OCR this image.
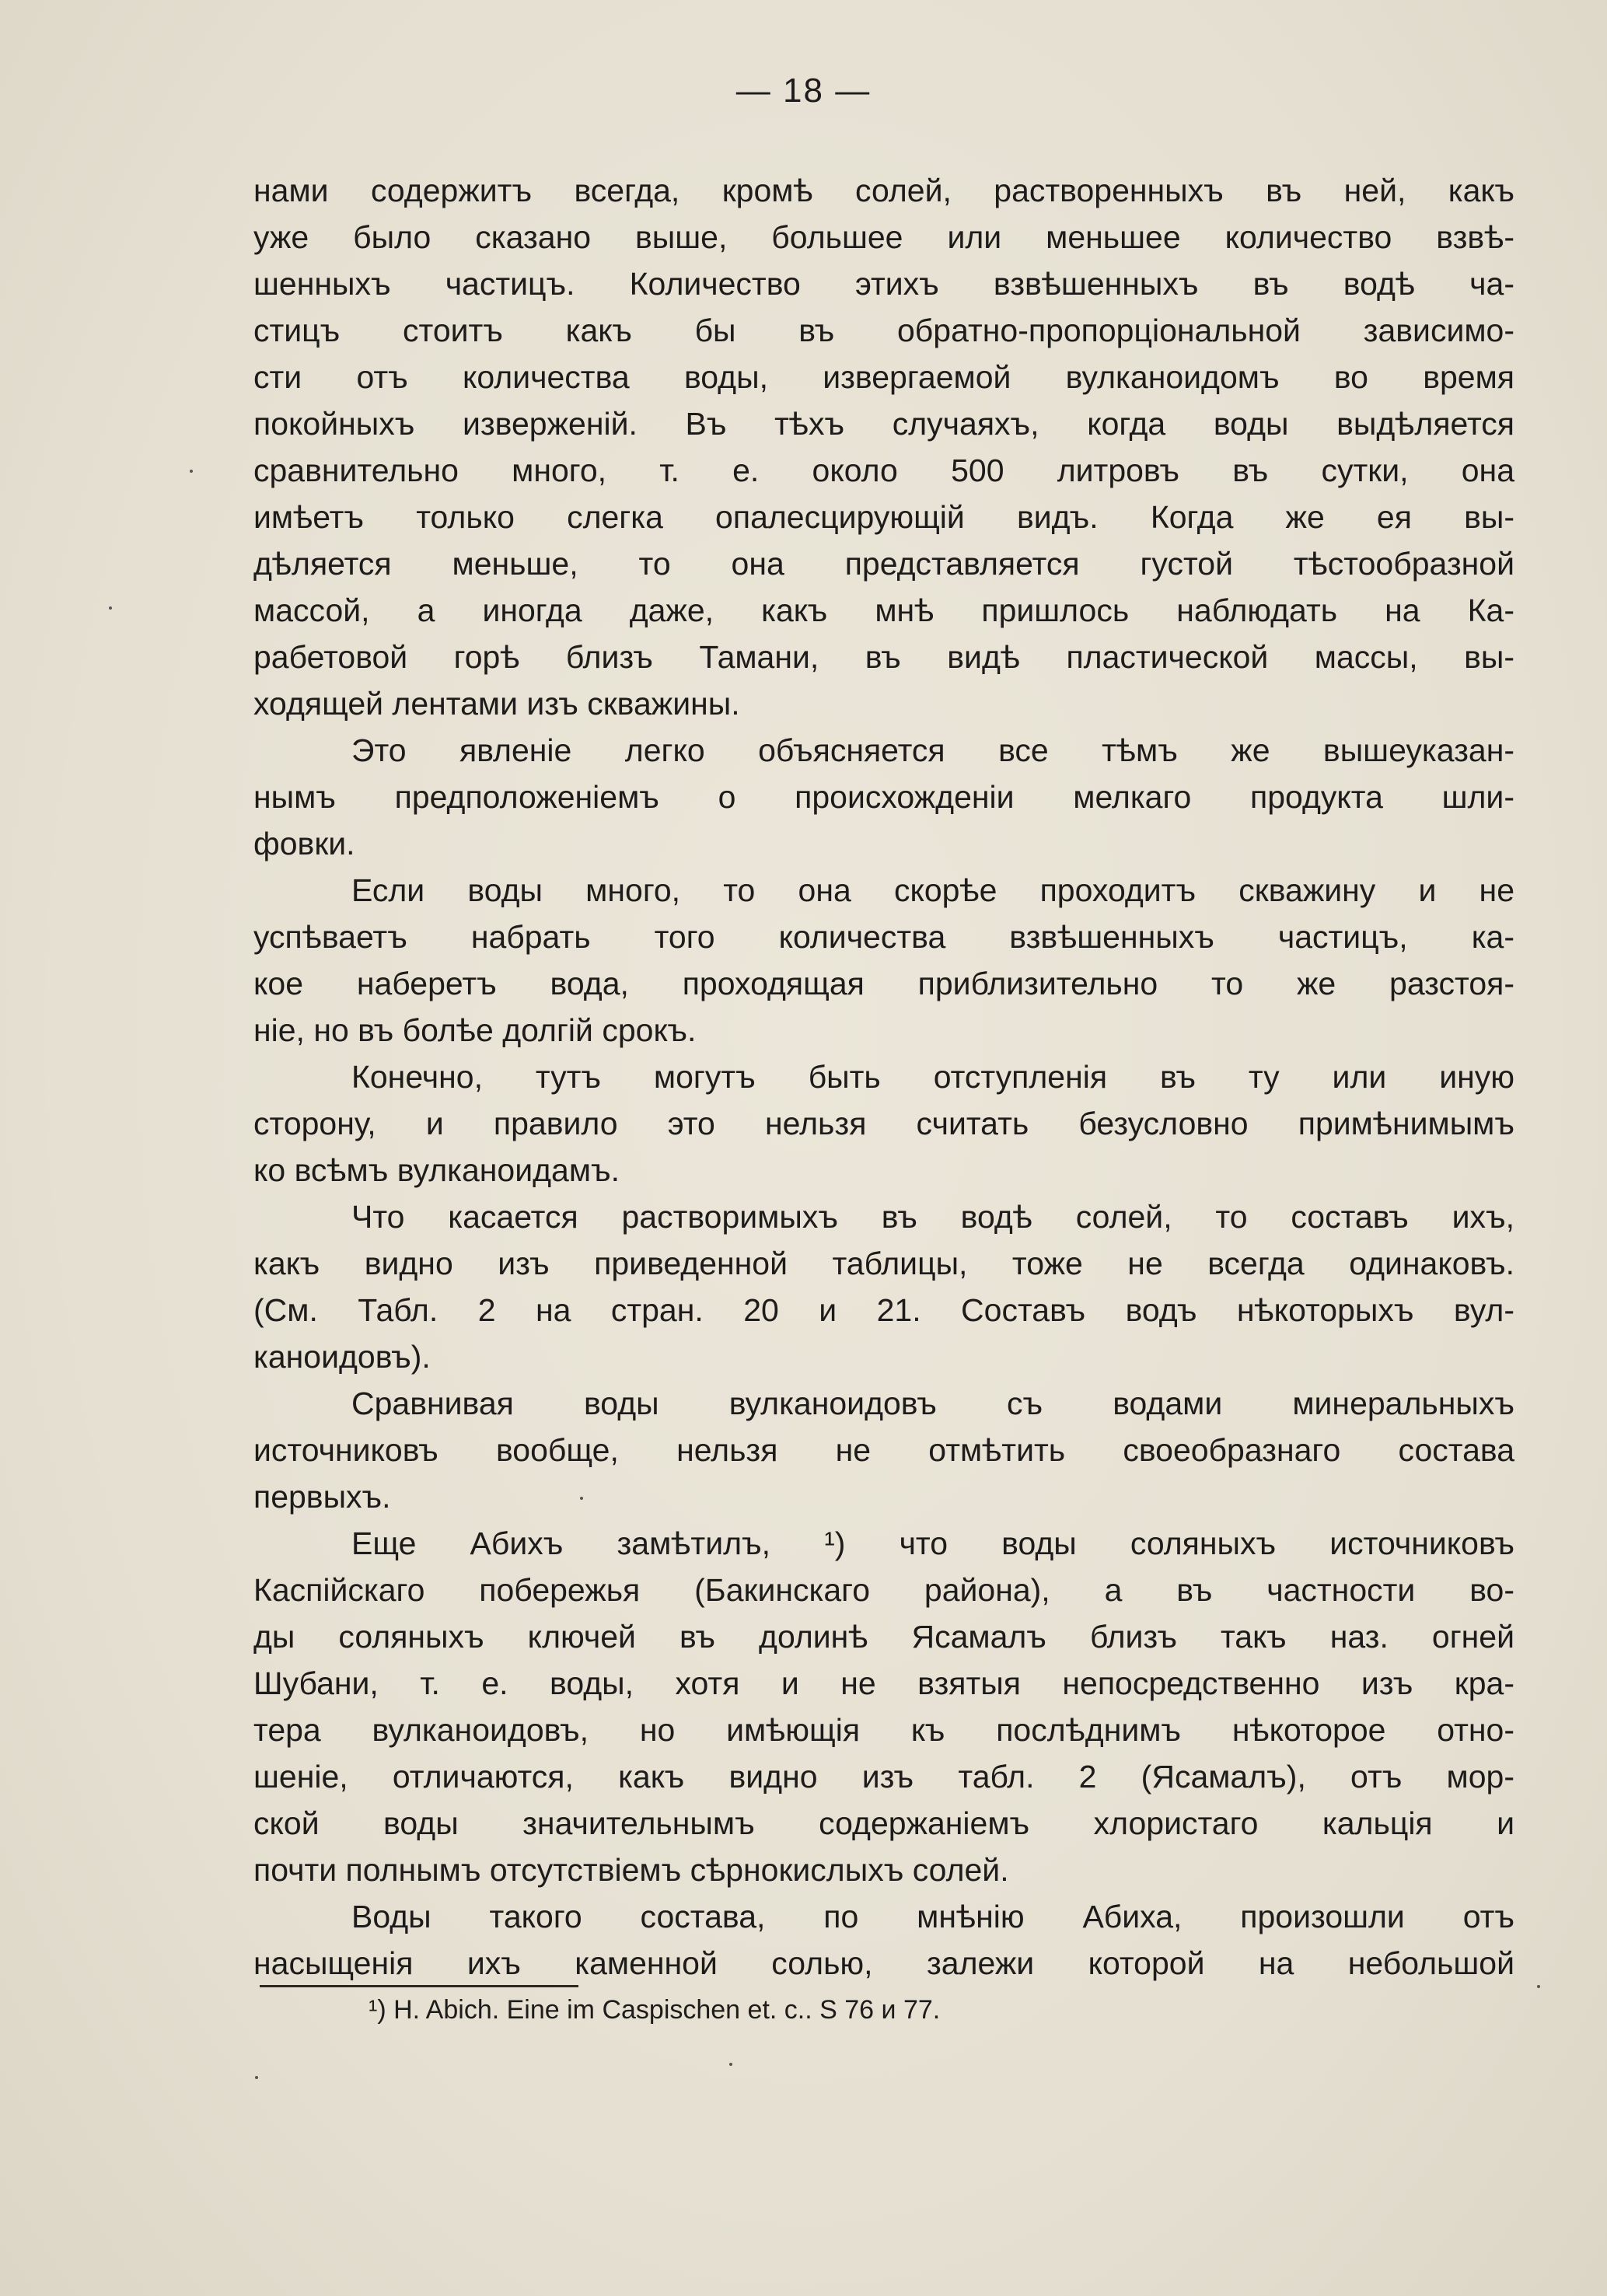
— 18 —
нами содержитъ всегда, кромѣ солей, растворенныхъ въ ней, какъ
уже было сказано выше, большее или меньшее количество взвѣ-
шенныхъ частицъ. Количество этихъ взвѣшенныхъ въ водѣ ча-
стицъ стоитъ какъ бы въ обратно-пропорціональной зависимо-
сти отъ количества воды, извергаемой вулканоидомъ во время
покойныхъ изверженій. Въ тѣхъ случаяхъ, когда воды выдѣляется
сравнительно много, т. е. около 500 литровъ въ сутки, она
имѣетъ только слегка опалесцирующій видъ. Когда же ея вы-
дѣляется меньше, то она представляется густой тѣстообразной
массой, а иногда даже, какъ мнѣ пришлось наблюдать на Ка-
рабетовой горѣ близъ Тамани, въ видѣ пластической массы, вы-
ходящей лентами изъ скважины.
Это явленіе легко объясняется все тѣмъ же вышеуказан-
нымъ предположеніемъ о происхожденіи мелкаго продукта шли-
фовки.
Если воды много, то она скорѣе проходитъ скважину и не
успѣваетъ набрать того количества взвѣшенныхъ частицъ, ка-
кое наберетъ вода, проходящая приблизительно то же разстоя-
ніе, но въ болѣе долгій срокъ.
Конечно, тутъ могутъ быть отступленія въ ту или иную
сторону, и правило это нельзя считать безусловно примѣнимымъ
ко всѣмъ вулканоидамъ.
Что касается растворимыхъ въ водѣ солей, то составъ ихъ,
какъ видно изъ приведенной таблицы, тоже не всегда одинаковъ.
(См. Табл. 2 на стран. 20 и 21. Составъ водъ нѣкоторыхъ вул-
каноидовъ).
Сравнивая воды вулканоидовъ съ водами минеральныхъ
источниковъ вообще, нельзя не отмѣтить своеобразнаго состава
первыхъ.
Еще Абихъ замѣтилъ, ¹) что воды соляныхъ источниковъ
Каспійскаго побережья (Бакинскаго района), а въ частности во-
ды соляныхъ ключей въ долинѣ Ясамалъ близъ такъ наз. огней
Шубани, т. е. воды, хотя и не взятыя непосредственно изъ кра-
тера вулканоидовъ, но имѣющія къ послѣднимъ нѣкоторое отно-
шеніе, отличаются, какъ видно изъ табл. 2 (Ясамалъ), отъ мор-
ской воды значительнымъ содержаніемъ хлористаго кальція и
почти полнымъ отсутствіемъ сѣрнокислыхъ солей.
Воды такого состава, по мнѣнію Абиха, произошли отъ
насыщенія ихъ каменной солью, залежи которой на небольшой
¹) H. Abich. Eine im Caspischen et. c.. S 76 и 77.
